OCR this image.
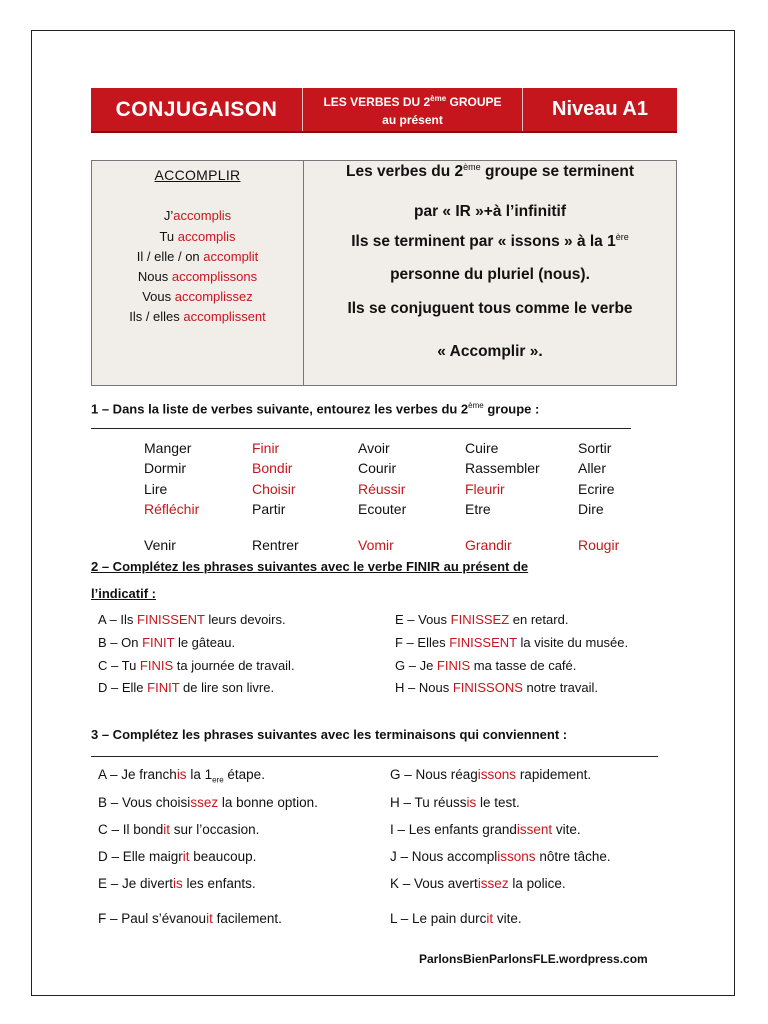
CONJUGAISON	LES VERBES DU 2ème GROUPE
au présent	Niveau A1
ACCOMPLIR
J’accomplis
Tu accomplis
Il / elle / on accomplit
Nous accomplissons
Vous accomplissez
Ils / elles accomplissent
Les verbes du 2ème groupe se terminent
par « IR »+à l’infinitif
Ils se terminent par « issons » à la 1ère
personne du pluriel (nous).
Ils se conjuguent tous comme le verbe
« Accomplir ».
1 – Dans la liste de verbes suivante, entourez les verbes du 2ème groupe :
Manger	Finir	Avoir	Cuire	Sortir
Dormir	Bondir	Courir	Rassembler	Aller
Lire	Choisir	Réussir	Fleurir	Ecrire
Réfléchir	Partir	Ecouter	Etre	Dire
Venir	Rentrer	Vomir	Grandir	Rougir
2 – Complétez les phrases suivantes avec le verbe FINIR au présent de
l’indicatif :
A – Ils FINISSENT leurs devoirs.
B – On FINIT le gâteau.
C – Tu FINIS ta journée de travail.
D – Elle FINIT de lire son livre.
E – Vous FINISSEZ en retard.
F – Elles FINISSENT la visite du musée.
G – Je FINIS ma tasse de café.
H – Nous FINISSONS notre travail.
3 – Complétez les phrases suivantes avec les terminaisons qui conviennent :
A – Je franchis la $1_{ere}$ étape.
B – Vous choisissez la bonne option.
C – Il bondit sur l’occasion.
D – Elle maigrit beaucoup.
E – Je divertis les enfants.
F – Paul s’évanouit facilement.
G – Nous réagissons rapidement.
H – Tu réussis le test.
I – Les enfants grandissent vite.
J – Nous accomplissons nôtre tâche.
K – Vous avertissez la police.
L – Le pain durcit vite.
ParlonsBienParlonsFLE.wordpress.com
